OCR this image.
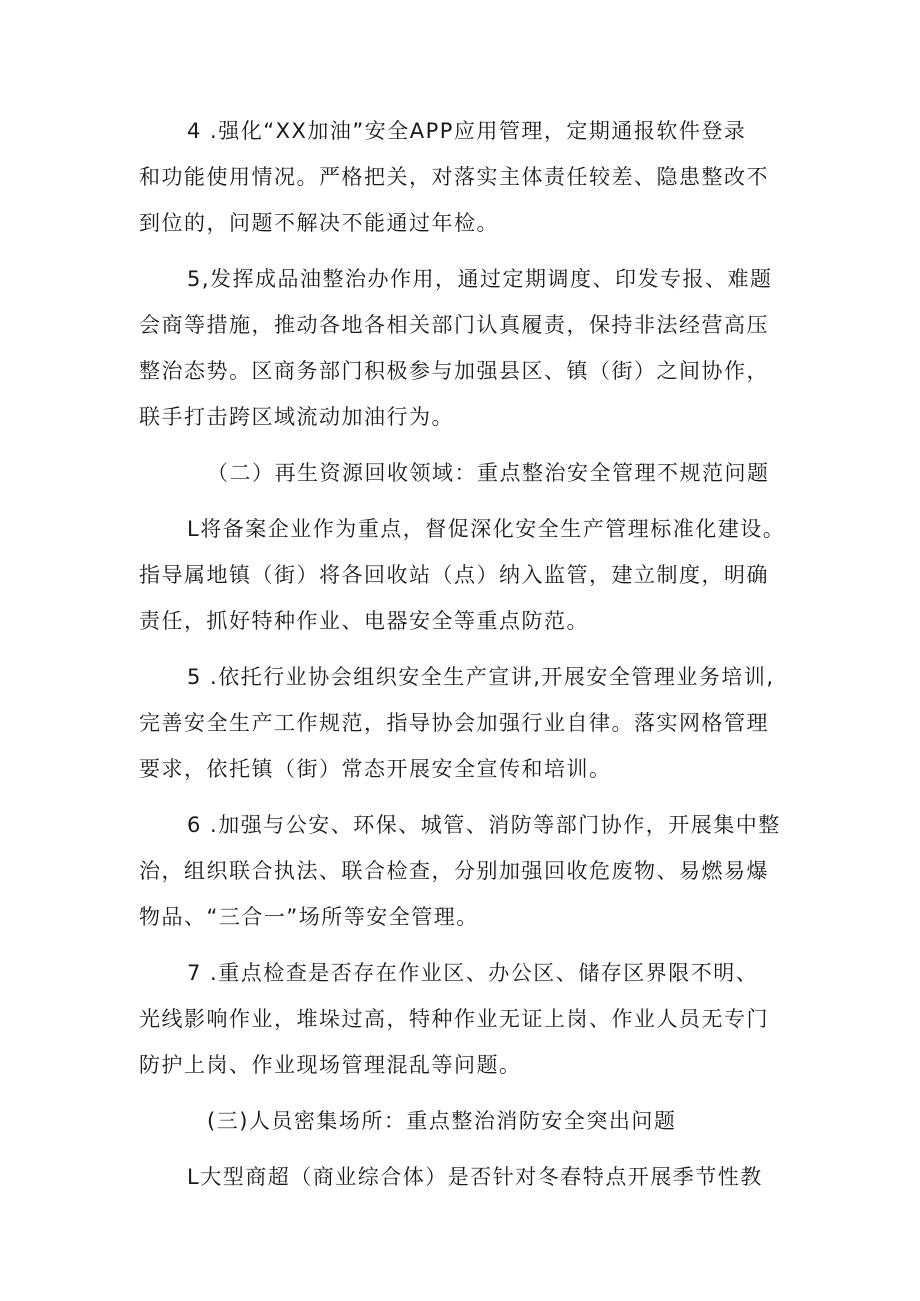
4 .强化“XX加油”安全APP应用管理，定期通报软件登录
和功能使用情况。严格把关，对落实主体责任较差、隐患整改不
到位的，问题不解决不能通过年检。
5,发挥成品油整治办作用，通过定期调度、印发专报、难题
会商等措施，推动各地各相关部门认真履责，保持非法经营高压
整治态势。区商务部门积极参与加强县区、镇（街）之间协作，
联手打击跨区域流动加油行为。
（二）再生资源回收领域：重点整治安全管理不规范问题
L将备案企业作为重点，督促深化安全生产管理标准化建设。
指导属地镇（街）将各回收站（点）纳入监管，建立制度，明确
责任，抓好特种作业、电器安全等重点防范。
5 .依托行业协会组织安全生产宣讲,开展安全管理业务培训,
完善安全生产工作规范，指导协会加强行业自律。落实网格管理
要求，依托镇（街）常态开展安全宣传和培训。
6 .加强与公安、环保、城管、消防等部门协作，开展集中整
治，组织联合执法、联合检查，分别加强回收危废物、易燃易爆
物品、“三合一”场所等安全管理。
7 .重点检查是否存在作业区、办公区、储存区界限不明、
光线影响作业，堆垛过高，特种作业无证上岗、作业人员无专门
防护上岗、作业现场管理混乱等问题。
(三)人员密集场所：重点整治消防安全突出问题
L大型商超（商业综合体）是否针对冬春特点开展季节性教
